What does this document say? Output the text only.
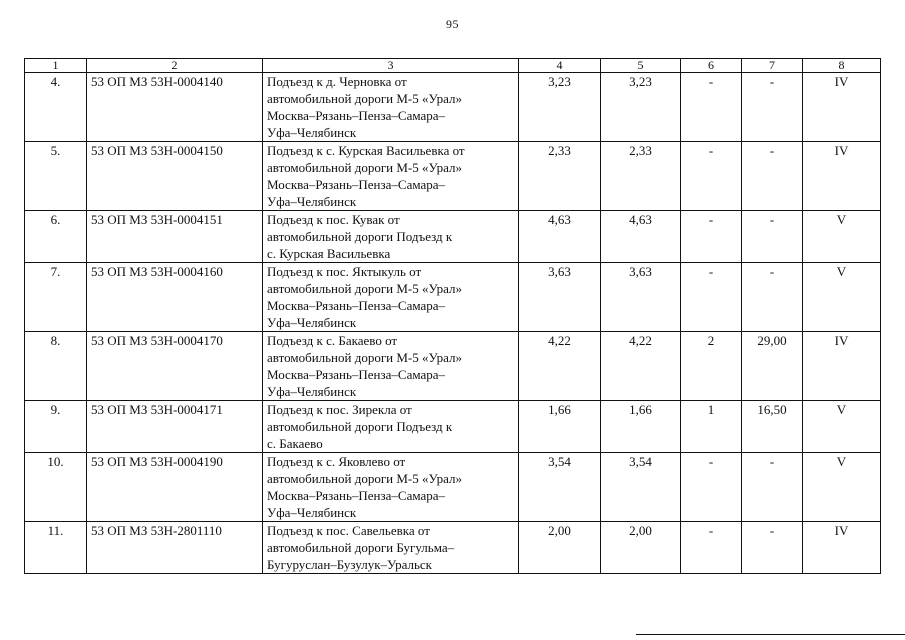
95
1	2	3	4	5	6	7	8
4.	53 ОП МЗ 53Н-0004140	Подъезд к д. Черновка от
автомобильной дороги М-5 «Урал»
Москва–Рязань–Пенза–Самара–
Уфа–Челябинск	3,23	3,23	-	-	IV
5.	53 ОП МЗ 53Н-0004150	Подъезд к с. Курская Васильевка от
автомобильной дороги М-5 «Урал»
Москва–Рязань–Пенза–Самара–
Уфа–Челябинск	2,33	2,33	-	-	IV
6.	53 ОП МЗ 53Н-0004151	Подъезд к пос. Кувак от
автомобильной дороги Подъезд к
с. Курская Васильевка	4,63	4,63	-	-	V
7.	53 ОП МЗ 53Н-0004160	Подъезд к пос. Яктыкуль от
автомобильной дороги М-5 «Урал»
Москва–Рязань–Пенза–Самара–
Уфа–Челябинск	3,63	3,63	-	-	V
8.	53 ОП МЗ 53Н-0004170	Подъезд к с. Бакаево от
автомобильной дороги М-5 «Урал»
Москва–Рязань–Пенза–Самара–
Уфа–Челябинск	4,22	4,22	2	29,00	IV
9.	53 ОП МЗ 53Н-0004171	Подъезд к пос. Зирекла от
автомобильной дороги Подъезд к
с. Бакаево	1,66	1,66	1	16,50	V
10.	53 ОП МЗ 53Н-0004190	Подъезд к с. Яковлево от
автомобильной дороги М-5 «Урал»
Москва–Рязань–Пенза–Самара–
Уфа–Челябинск	3,54	3,54	-	-	V
11.	53 ОП МЗ 53Н-2801110	Подъезд к пос. Савельевка от
автомобильной дороги Бугульма–
Бугуруслан–Бузулук–Уральск	2,00	2,00	-	-	IV
